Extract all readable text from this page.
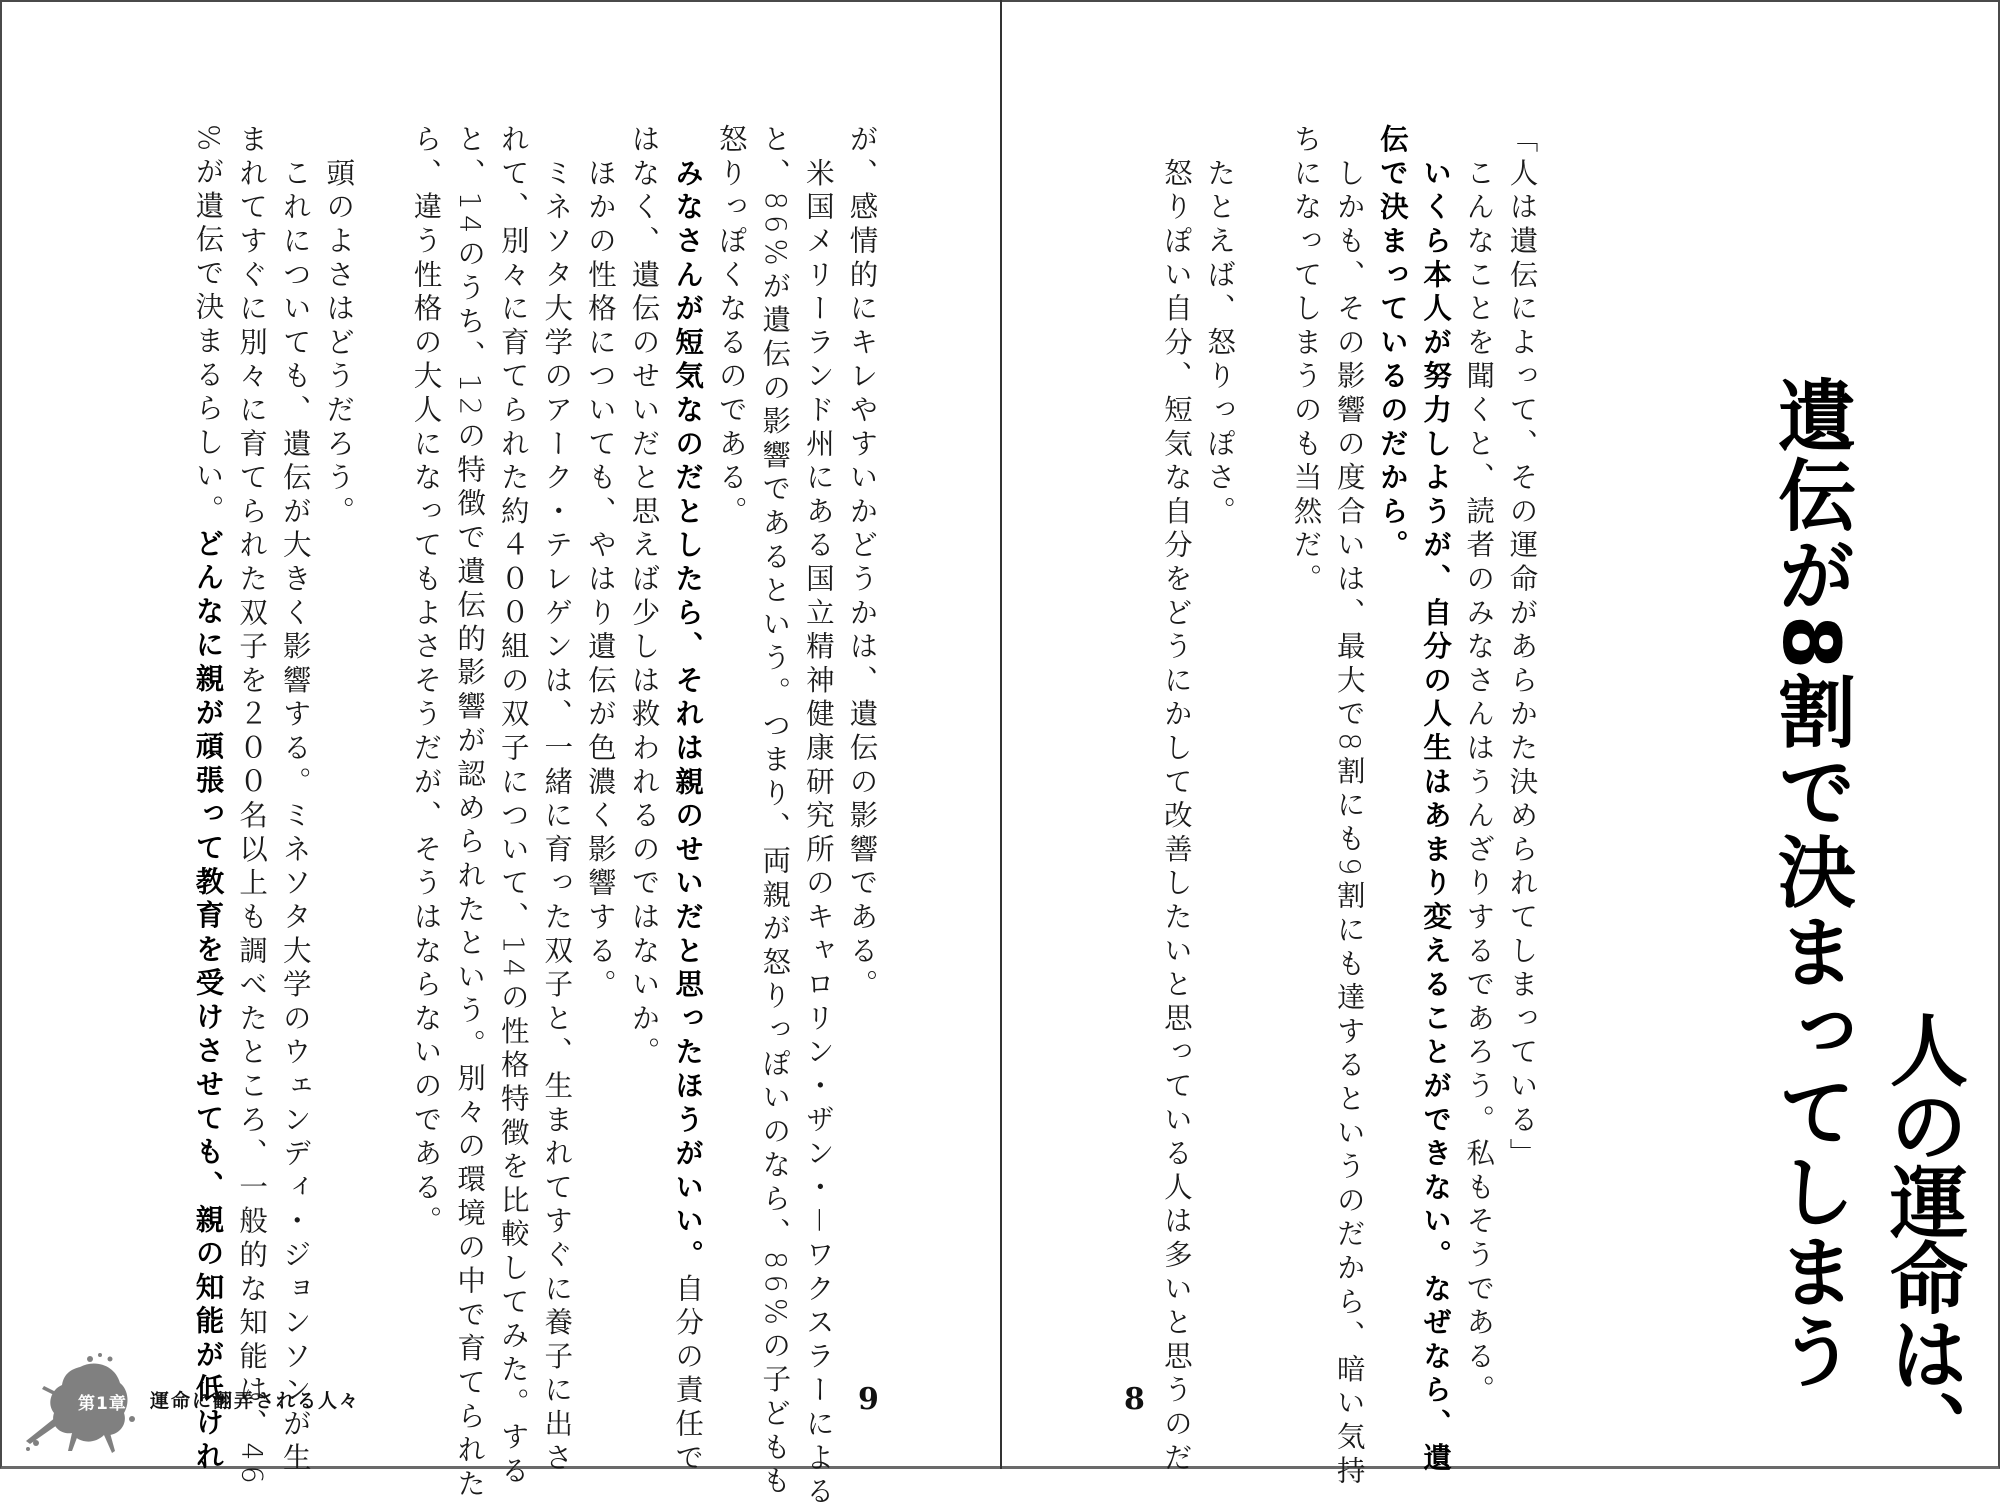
人の運命は、
遺伝が8割で決まってしまう
「人は遺伝によって、その運命があらかた決められてしまっている」
　こんなことを聞くと、読者のみなさんはうんざりするであろう。私もそうである。
　いくら本人が努力しようが、自分の人生はあまり変えることができない。なぜなら、遺
伝で決まっているのだから。
　しかも、その影響の度合いは、最大で8割にも9割にも達するというのだから、暗い気持
ちになってしまうのも当然だ。
　たとえば、怒りっぽさ。
　怒りぽい自分、短気な自分をどうにかして改善したいと思っている人は多いと思うのだ
8
が、感情的にキレやすいかどうかは、遺伝の影響である。
　米国メリーランド州にある国立精神健康研究所のキャロリン・ザン・－ワクスラーによる
と、86%が遺伝の影響であるという。つまり、両親が怒りっぽいのなら、86%の子どもも
怒りっぽくなるのである。
　みなさんが短気なのだとしたら、それは親のせいだと思ったほうがいい。自分の責任で
はなく、遺伝のせいだと思えば少しは救われるのではないか。
　ほかの性格についても、やはり遺伝が色濃く影響する。
　ミネソタ大学のアーク・テレゲンは、一緒に育った双子と、生まれてすぐに養子に出さ
れて、別々に育てられた約４００組の双子について、14の性格特徴を比較してみた。する
と、14のうち、12の特徴で遺伝的影響が認められたという。別々の環境の中で育てられた
ら、違う性格の大人になってもよさそうだが、そうはならないのである。
　頭のよさはどうだろう。
　これについても、遺伝が大きく影響する。ミネソタ大学のウェンディ・ジョンソンが生
まれてすぐに別々に育てられた双子を２００名以上も調べたところ、一般的な知能は、46
%が遺伝で決まるらしい。どんなに親が頑張って教育を受けさせても、親の知能が低けれ	9
第1章 運命に翻弄される人々
